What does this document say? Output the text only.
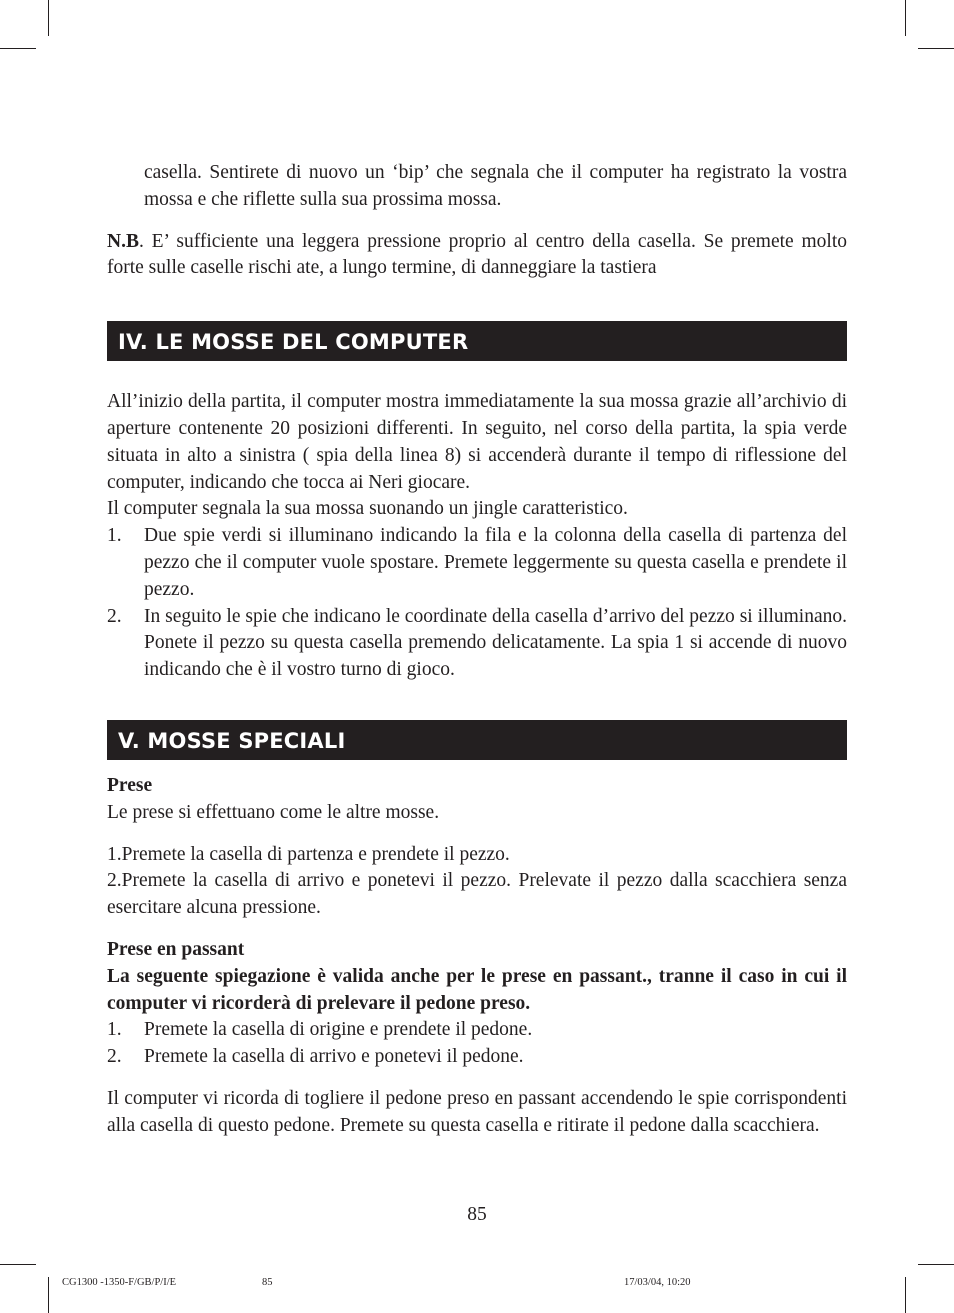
casella. Sentirete di nuovo un ‘bip’ che segnala che il computer ha registrato la vostra mossa e che riflette sulla sua prossima mossa.

N.B. E’ sufficiente una leggera pressione proprio al centro della casella. Se premete molto forte sulle caselle rischi ate, a lungo termine, di danneggiare la tastiera

IV. LE MOSSE DEL COMPUTER

All’inizio della partita, il computer mostra immediatamente la sua mossa grazie all’archivio di aperture contenente 20 posizioni differenti. In seguito, nel corso della partita, la spia verde situata in alto a sinistra ( spia della linea 8) si accenderà durante il tempo di riflessione del computer, indicando che tocca ai Neri giocare.

Il computer segnala la sua mossa suonando un jingle caratteristico.

1. Due spie verdi si illuminano indicando la fila e la colonna della casella di partenza del pezzo che il computer vuole spostare. Premete leggermente su questa casella e prendete il pezzo.
2. In seguito le spie che indicano le coordinate della casella d’arrivo del pezzo si illuminano. Ponete il pezzo su questa casella premendo delicatamente. La spia 1 si accende di nuovo indicando che è il vostro turno di gioco.
V. MOSSE SPECIALI

Prese

Le prese si effettuano come le altre mosse.

1.Premete la casella di partenza e prendete il pezzo.

2.Premete la casella di arrivo e ponetevi il pezzo. Prelevate il pezzo dalla scacchiera senza esercitare alcuna pressione.

Prese en passant

La seguente spiegazione è valida anche per le prese en passant., tranne il caso in cui il computer vi ricorderà di prelevare il pedone preso.

1. Premete la casella di origine e prendete il pedone.
2. Premete la casella di arrivo e ponetevi il pedone.

Il computer vi ricorda di togliere il pedone preso en passant accendendo le spie corrispondenti alla casella di questo pedone. Premete su questa casella e ritirate il pedone dalla scacchiera.

85
CG1300 -1350-F/GB/P/I/E	85	17/03/04, 10:20
